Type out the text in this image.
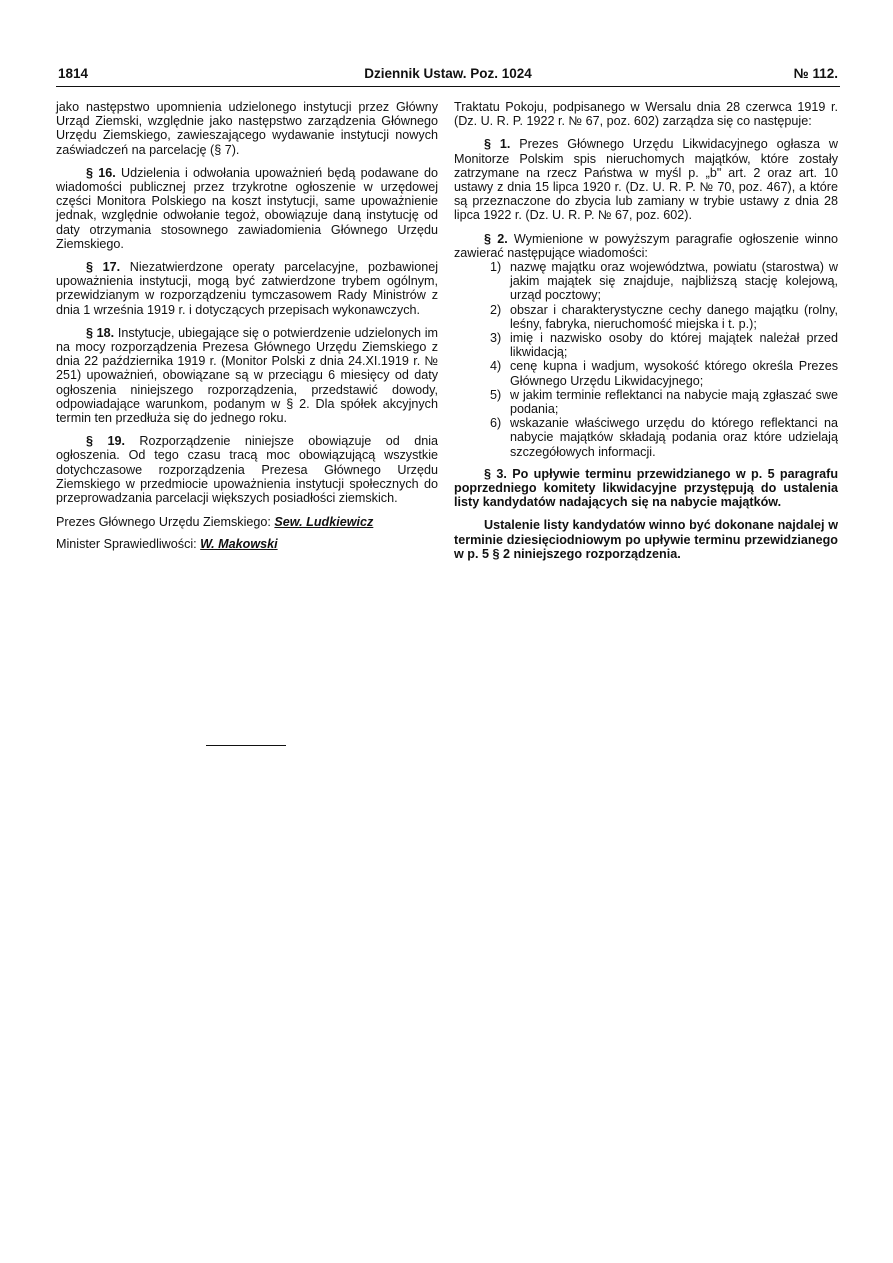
1814	Dziennik Ustaw. Poz. 1024	№ 112.

jako następstwo upomnienia udzielonego instytucji przez Główny Urząd Ziemski, względnie jako następstwo zarządzenia Głównego Urzędu Ziemskiego, zawieszającego wydawanie instytucji nowych zaświadczeń na parcelację (§ 7).

§ 16. Udzielenia i odwołania upoważnień będą podawane do wiadomości publicznej przez trzykrotne ogłoszenie w urzędowej części Monitora Polskiego na koszt instytucji, same upoważnienie jednak, względnie odwołanie tegoż, obowiązuje daną instytucję od daty otrzymania stosownego zawiadomienia Głównego Urzędu Ziemskiego.

§ 17. Niezatwierdzone operaty parcelacyjne, pozbawionej upoważnienia instytucji, mogą być zatwierdzone trybem ogólnym, przewidzianym w rozporządzeniu tymczasowem Rady Ministrów z dnia 1 września 1919 r. i dotyczących przepisach wykonawczych.

§ 18. Instytucje, ubiegające się o potwierdzenie udzielonych im na mocy rozporządzenia Prezesa Głównego Urzędu Ziemskiego z dnia 22 października 1919 r. (Monitor Polski z dnia 24.XI.1919 r. № 251) upoważnień, obowiązane są w przeciągu 6 miesięcy od daty ogłoszenia niniejszego rozporządzenia, przedstawić dowody, odpowiadające warunkom, podanym w § 2. Dla spółek akcyjnych termin ten przedłuża się do jednego roku.

§ 19. Rozporządzenie niniejsze obowiązuje od dnia ogłoszenia. Od tego czasu tracą moc obowiązującą wszystkie dotychczasowe rozporządzenia Prezesa Głównego Urzędu Ziemskiego w przedmiocie upoważnienia instytucji społecznych do przeprowadzania parcelacji większych posiadłości ziemskich.

Prezes Głównego Urzędu Ziemskiego: Sew. Ludkiewicz

Minister Sprawiedliwości: W. Makowski

Traktatu Pokoju, podpisanego w Wersalu dnia 28 czerwca 1919 r. (Dz. U. R. P. 1922 r. № 67, poz. 602) zarządza się co następuje:

§ 1. Prezes Głównego Urzędu Likwidacyjnego ogłasza w Monitorze Polskim spis nieruchomych majątków, które zostały zatrzymane na rzecz Państwa w myśl p. „b" art. 2 oraz art. 10 ustawy z dnia 15 lipca 1920 r. (Dz. U. R. P. № 70, poz. 467), a które są przeznaczone do zbycia lub zamiany w trybie ustawy z dnia 28 lipca 1922 r. (Dz. U. R. P. № 67, poz. 602).

§ 2. Wymienione w powyższym paragrafie ogłoszenie winno zawierać następujące wiadomości:

1) nazwę majątku oraz województwa, powiatu (starostwa) w jakim majątek się znajduje, najbliższą stację kolejową, urząd pocztowy;
2) obszar i charakterystyczne cechy danego majątku (rolny, leśny, fabryka, nieruchomość miejska i t. p.);
3) imię i nazwisko osoby do której majątek należał przed likwidacją;
4) cenę kupna i wadjum, wysokość którego określa Prezes Głównego Urzędu Likwidacyjnego;
5) w jakim terminie reflektanci na nabycie mają zgłaszać swe podania;
6) wskazanie właściwego urzędu do którego reflektanci na nabycie majątków składają podania oraz które udzielają szczegółowych informacji.

§ 3. Po upływie terminu przewidzianego w p. 5 paragrafu poprzedniego komitety likwidacyjne przystępują do ustalenia listy kandydatów nadających się na nabycie majątków.

Ustalenie listy kandydatów winno być dokonane najdalej w terminie dziesięciodniowym po upływie terminu przewidzianego w p. 5 § 2 niniejszego rozporządzenia.
